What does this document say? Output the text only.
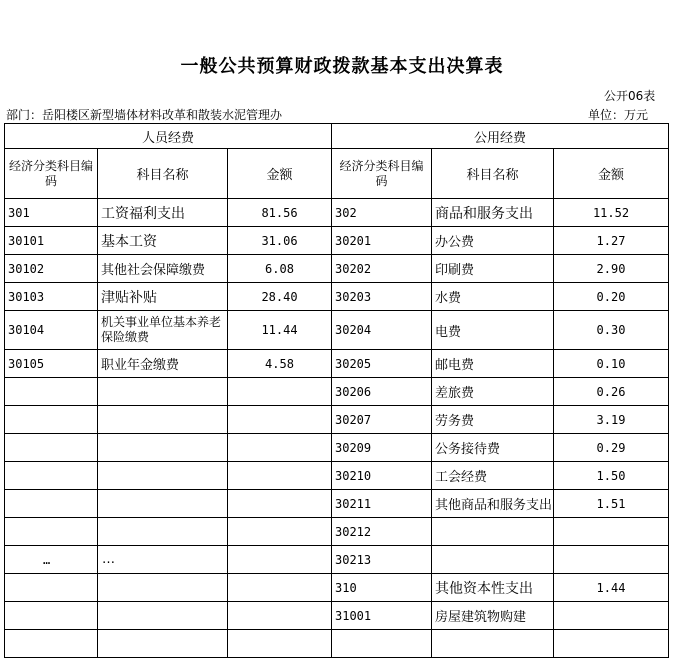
一般公共预算财政拨款基本支出决算表
公开06表
部门：岳阳楼区新型墙体材料改革和散装水泥管理办	单位：万元
人员经费			公用经费		
经济分类科目编码	科目名称	金额	经济分类科目编码	科目名称	金额
301	工资福利支出	81.56	302	商品和服务支出	11.52
30101	基本工资	31.06	30201	办公费	1.27
30102	其他社会保障缴费	6.08	30202	印刷费	2.90
30103	津贴补贴	28.40	30203	水费	0.20
30104	机关事业单位基本养老保险缴费	11.44	30204	电费	0.30
30105	职业年金缴费	4.58	30205	邮电费	0.10
			30206	差旅费	0.26
			30207	劳务费	3.19
			30209	公务接待费	0.29
			30210	工会经费	1.50
			30211	其他商品和服务支出	1.51
			30212		
…	…		30213		
			310	其他资本性支出	1.44
			31001	房屋建筑物购建	
